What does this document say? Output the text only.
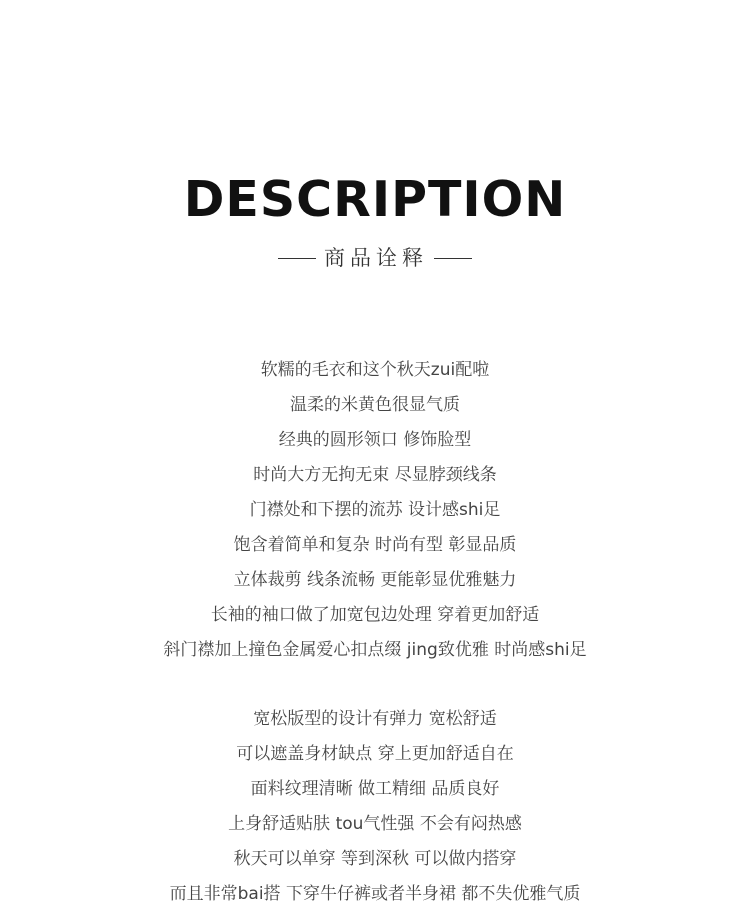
DESCRIPTION
商品诠释
软糯的毛衣和这个秋天zui配啦
温柔的米黄色很显气质
经典的圆形领口 修饰脸型
时尚大方无拘无束 尽显脖颈线条
门襟处和下摆的流苏 设计感shi足
饱含着简单和复杂 时尚有型 彰显品质
立体裁剪 线条流畅 更能彰显优雅魅力
长袖的袖口做了加宽包边处理 穿着更加舒适
斜门襟加上撞色金属爱心扣点缀 jing致优雅 时尚感shi足
宽松版型的设计有弹力 宽松舒适
可以遮盖身材缺点 穿上更加舒适自在
面料纹理清晰 做工精细 品质良好
上身舒适贴肤 tou气性强 不会有闷热感
秋天可以单穿 等到深秋 可以做内搭穿
而且非常bai搭 下穿牛仔裤或者半身裙 都不失优雅气质
